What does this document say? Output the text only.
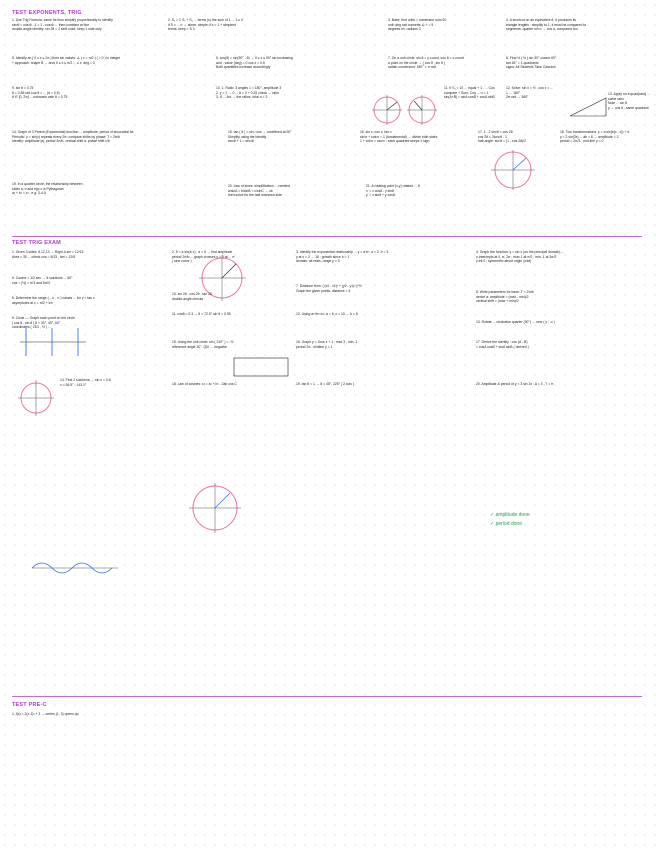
TEST EXPONENTS, TRIG
1. Use Trig Formula, same fct thus simplify proportionally to identify
sin²θ = cos²θ - 1 = 1 - cos²θ → then combine w/ the
double-angle identity; sin 2θ = 2 sinθ cosθ, keep 1 side only
2. S₁ = Σ S₁ + S₂ ... terms (s) the sum of 1 ... 1 ≥ 0
if S = ... n → alone, simple; it's = 1 + simplest
terms: keep = S 3
3. Base: find units = numerator sum 50
unit: deg rad converts ∠ + = 5
degrees ex. radians 3
4. A shortcut on an equivalent θ, it produces its
triangle lengths : simplify to 1, it must be compared to
segments: quarter sin α → cos α, compared too
5. Identify an [ 0 ≤ x ≤ 2π ] then sin values: ∠ ( x = π/2 ) ( = 0 ) is integer
+ approach: shape B → arcs 0 ≤ x ≤ π/2 ... ≤ x, deg = 3
6. cos(θ) = sin(90° - θ) → 0 ≤ x ≤ 90° sin increasing
and - value (deg) = 0 cos x = 0.5
Both quantities increase accordingly
7. On a unit circle, sin θ = y-coord, cos θ = x-coord
a point on the circle → ( cos θ , sin θ )
radian conversion: 180° = π rad
8. Find ½ ( ½ ) sin 30° cosine 60°
tan 45° = 1 quadrants
signs: All Students Take Calculus
9. sin θ = 0.75
θ = 0.85 rad cos θ = ... (d = 0.5)
θ ∈ [0, 2π] ... unknown vale θ = 0.75
10. 1. Ratio: 3 angles 1 = 180°, amplitude 3
2. y = 1 → 0 ... A = 0 + 0.25 check → ratio
3. If ... 3rd → the ratios, total n = 3
11. If S₁ = 10 ... equal + 1 , ... Cos
compare + Sum, Cos ... n = 1
sin(A+B) = sinA cosB + cosA sinB
12. Solve: sin x = ½ , cos x = ...
1 → 180°
2π rad → 360°
13. Apply on a quad(rant) ... same ratio
Note ... sin θ
y → cos θ , same quadrant
14. Graph of 3 Parent (Exponential) function ... amplitude, period of sinusoidal fct.
Periodic: y = sin(x) repeats every 2π; compare shifts by phase; T = 2π/b
Identify: amplitude |a|, period 2π/b, vertical shift d, phase shift c/b
15. tan ( θ ) = sin / cos → undefined at 90°
Simplify using the identity
tan²θ + 1 = sec²θ
16. sin x, cos x, tan x
sin²x + cos²x = 1 (fundamental) → divide both sides
1 + cot²x = csc²x ; each quadrant keeps ± sign
17. 1 - 2 sin²θ = cos 2θ
cos 2θ = 2cos²θ - 1
half-angle: sin²θ = (1 - cos 2θ)/2
18. Two transformations: y = a sin(b(x - c)) + d
y = 2 sin(3x) ... ab = 8 → amplitude = 2
period = 2π/3 , mid-line y = 0
19. In a quarter circle, the relationship between
sides a, b and hyp c is Pythagoras
a² + b² = c² , e.g. 3-4-5
20. Law of sines: simplification ... needed
a/sinA = b/sinB = c/sinC → ok
then solve for the last unknown side
21. A rotating point (x,y) rotated ... θ
x' = x cosθ - y sinθ
y' = x sinθ + y cosθ
TEST TRIG EXAM
1. Given 3 sides: 5,12,13 → Right Δ sin = 12/13
Area = 30 ... check cos = 5/13 , tan = 12/5
2. 5 = a sin(b x) , a = 5 → find amplitude
period 2π/b ... graph crosses y = 0 at ... π
( sine curve )
3. Identify the exponential relationship ... y = a·bˣ, a = 2, b = 3
y at x = 2 → 18 ; growth since b > 1
domain: all reals, range y > 0
4. Graph the function: y = sin x (on the principal domain) ...
x-intercepts at 0, π, 2π ; max 1 at π/2 ; min -1 at 3π/2
y-int 0 ; symmetric about origin (odd)
5. Cosine = 1/2 sec → 6 solutions ... 60°
cos⁻¹ (½) = π/3 and 5π/3
6. Determine the range ( - ∞ , ∞ ) values ... for y = tan x
asymptotes at x = π/2 + kπ
7. Distance form: [ (x2 - x1)² + (y2 - y1)² ]^½
Graph the given points, distance = 5	8. Write parameters for base: T = 2π/b
derive a: amplitude = (max - min)/2
vertical shift = (max + min)/2
9. Circle — Graph each point on the circle
( cos θ , sin θ ) θ = 30°, 45°, 60°
coordinates ( √3/2 , ½ ) ...
10. sin 2θ , cos 2θ , tan 2θ
double-angle checks
11. cosθ = 0.3 → θ = 72.5° sin θ = 0.95	12. Using a²+b²=c²: a = 6, c = 10 → b = 8
13. Rotate ... clockwise quarter (90°) → new ( y , -x )
14. Find 2 solutions, ... sin x = 0.6
x = 36.9° , 143.1°
15. Using the unit circle: sin ( 210° ) = -½
reference angle 30°, QIII → negative
16. Graph y = 2cos x + 1 ; max 3 , min -1
period 2π , midline y = 1
17. Derive the identity : cos (A - B)
= cosA cosB + sinA sinB ( derived )
18. Law of cosines: c² = a² + b² - 2ab cos C	19. tan θ = 1 → θ = 45°, 225° ( 2 sols )	20. Amplitude & period of y = 3 sin 2x : A = 3 , T = π

✓ amplitude done

✓ period done

TEST PRE-C
1. f(x) = 2(x-1)² + 3 → vertex (1, 3) opens up
